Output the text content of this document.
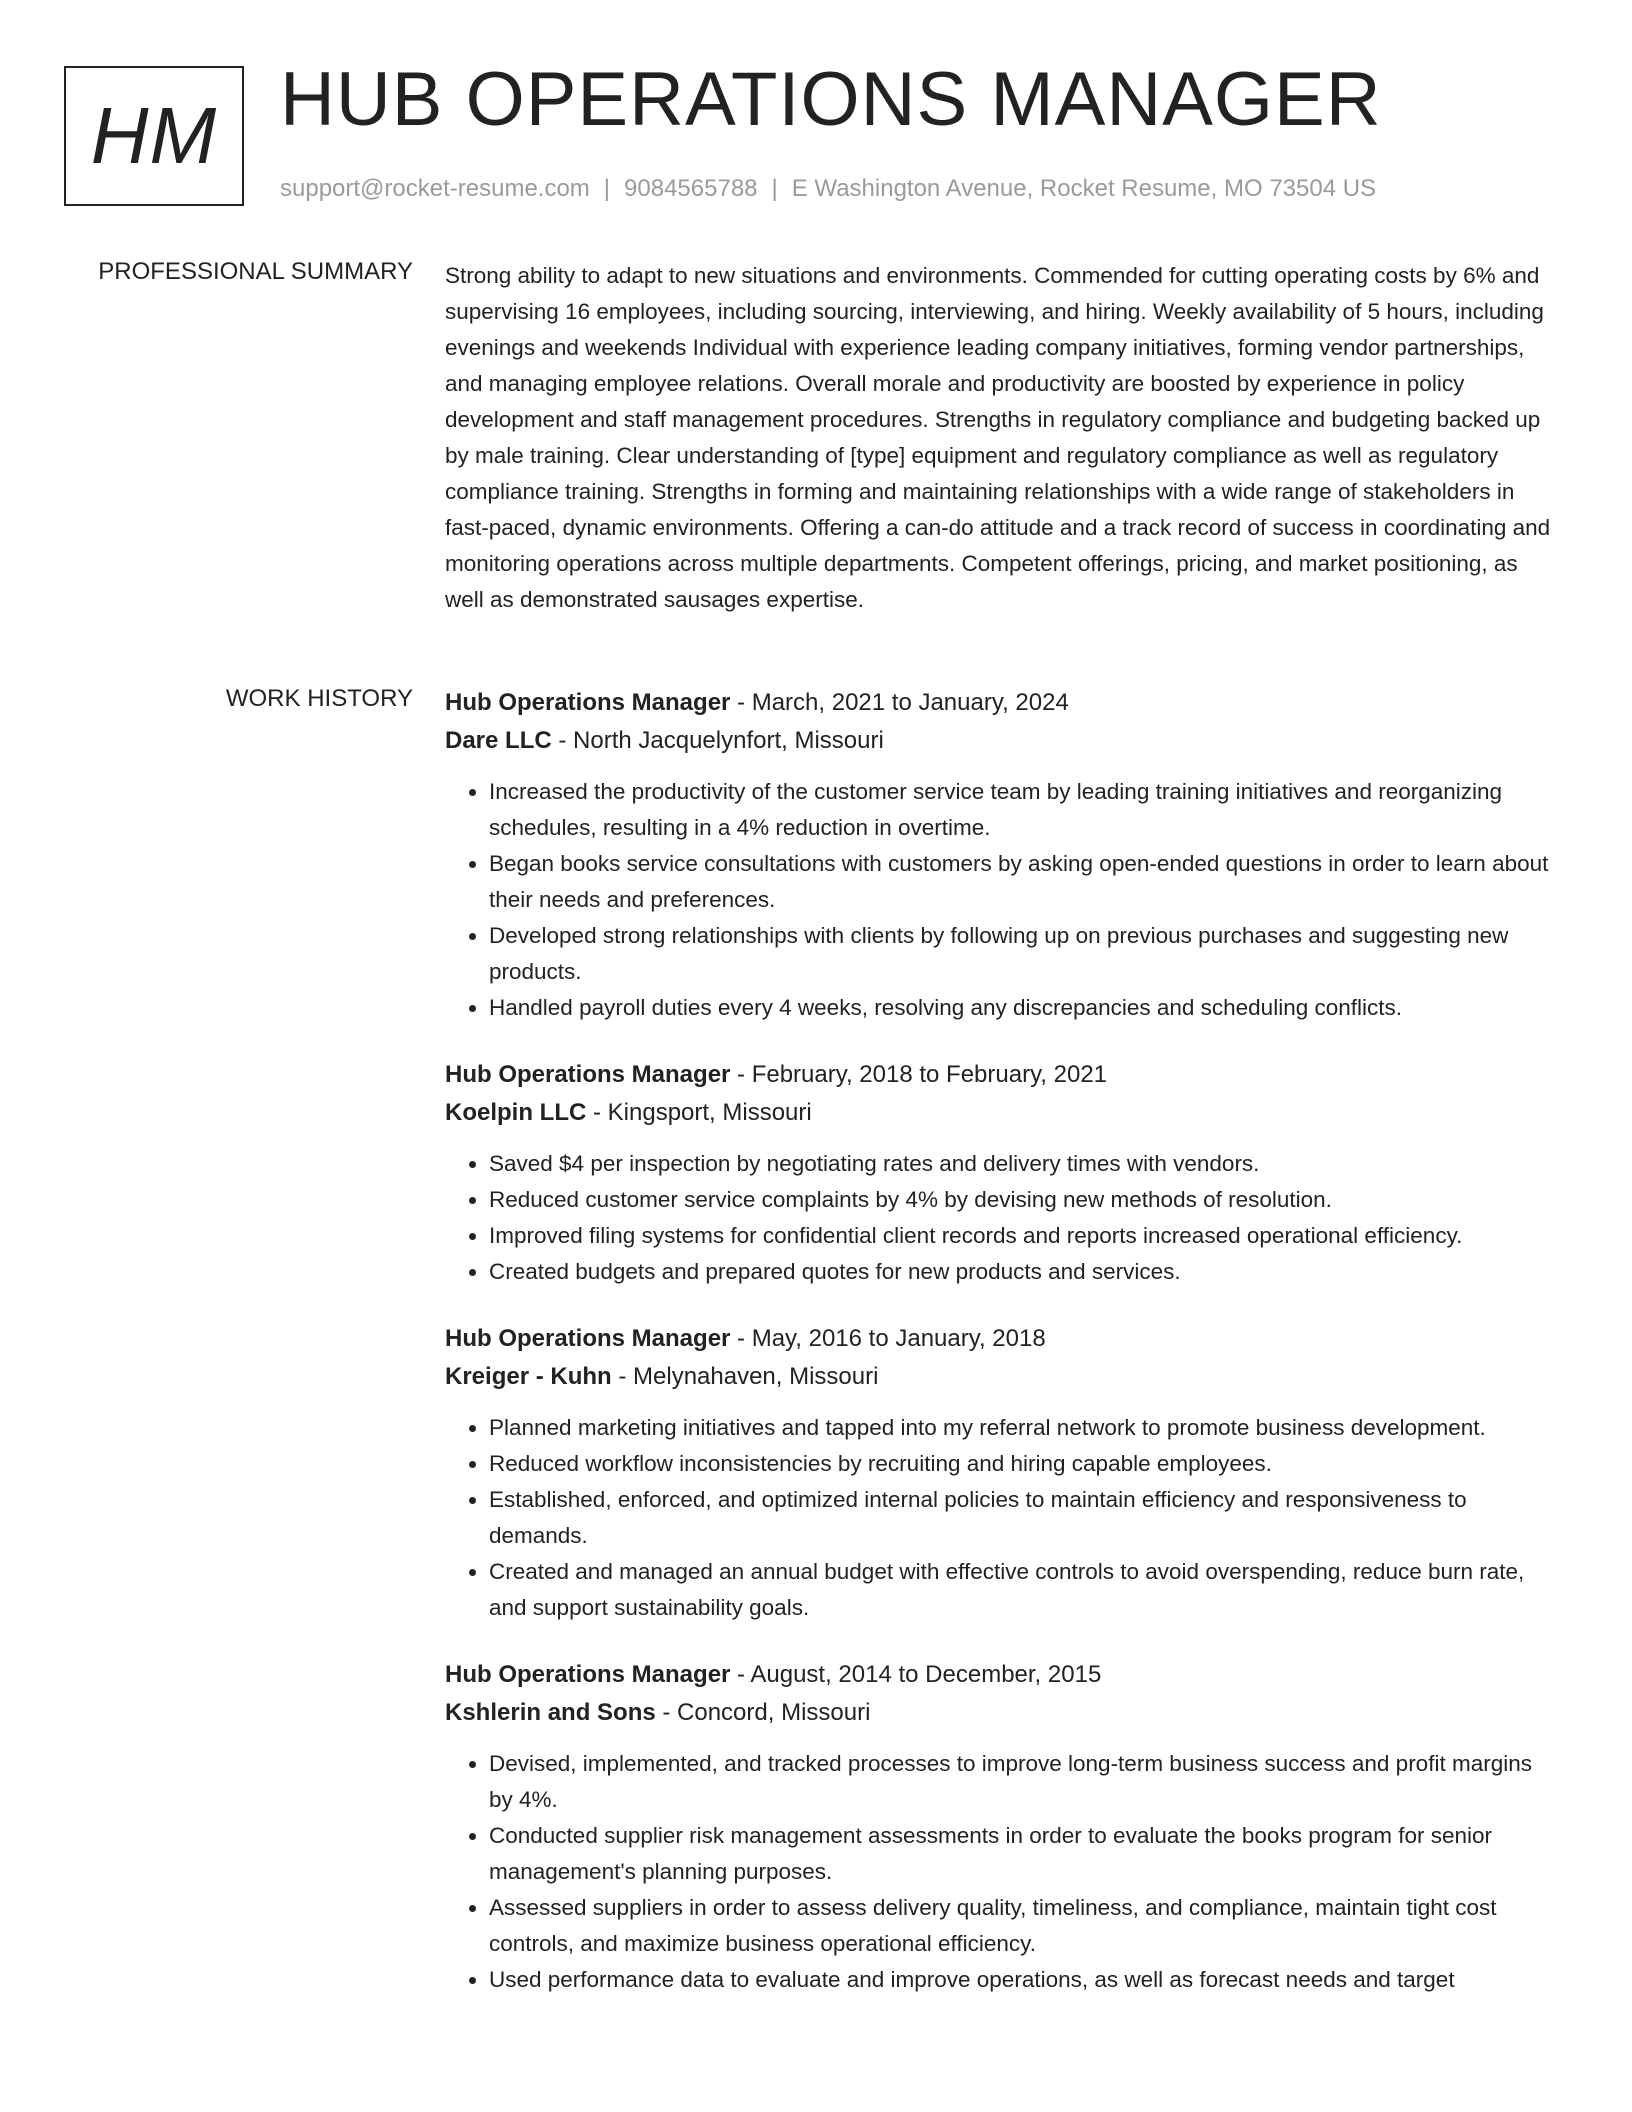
HM HUB OPERATIONS MANAGER
support@rocket-resume.com | 9084565788 | E Washington Avenue, Rocket Resume, MO 73504 US
PROFESSIONAL SUMMARY Strong ability to adapt to new situations and environments. Commended for cutting operating costs by 6% and supervising 16 employees, including sourcing, interviewing, and hiring. Weekly availability of 5 hours, including evenings and weekends Individual with experience leading company initiatives, forming vendor partnerships, and managing employee relations. Overall morale and productivity are boosted by experience in policy development and staff management procedures. Strengths in regulatory compliance and budgeting backed up by male training. Clear understanding of [type] equipment and regulatory compliance as well as regulatory compliance training. Strengths in forming and maintaining relationships with a wide range of stakeholders in fast-paced, dynamic environments. Offering a can-do attitude and a track record of success in coordinating and monitoring operations across multiple departments. Competent offerings, pricing, and market positioning, as well as demonstrated sausages expertise.

WORK HISTORY Hub Operations Manager - March, 2021 to January, 2024
Dare LLC - North Jacquelynfort, Missouri
• Increased the productivity of the customer service team by leading training initiatives and reorganizing schedules, resulting in a 4% reduction in overtime.
• Began books service consultations with customers by asking open-ended questions in order to learn about their needs and preferences.
• Developed strong relationships with clients by following up on previous purchases and suggesting new products.
• Handled payroll duties every 4 weeks, resolving any discrepancies and scheduling conflicts.
Hub Operations Manager - February, 2018 to February, 2021
Koelpin LLC - Kingsport, Missouri
• Saved $4 per inspection by negotiating rates and delivery times with vendors.
• Reduced customer service complaints by 4% by devising new methods of resolution.
• Improved filing systems for confidential client records and reports increased operational efficiency.
• Created budgets and prepared quotes for new products and services.
Hub Operations Manager - May, 2016 to January, 2018
Kreiger - Kuhn - Melynahaven, Missouri
• Planned marketing initiatives and tapped into my referral network to promote business development.
• Reduced workflow inconsistencies by recruiting and hiring capable employees.
• Established, enforced, and optimized internal policies to maintain efficiency and responsiveness to demands.
• Created and managed an annual budget with effective controls to avoid overspending, reduce burn rate, and support sustainability goals.
Hub Operations Manager - August, 2014 to December, 2015
Kshlerin and Sons - Concord, Missouri
• Devised, implemented, and tracked processes to improve long-term business success and profit margins by 4%.
• Conducted supplier risk management assessments in order to evaluate the books program for senior management's planning purposes.
• Assessed suppliers in order to assess delivery quality, timeliness, and compliance, maintain tight cost controls, and maximize business operational efficiency.
• Used performance data to evaluate and improve operations, as well as forecast needs and target
